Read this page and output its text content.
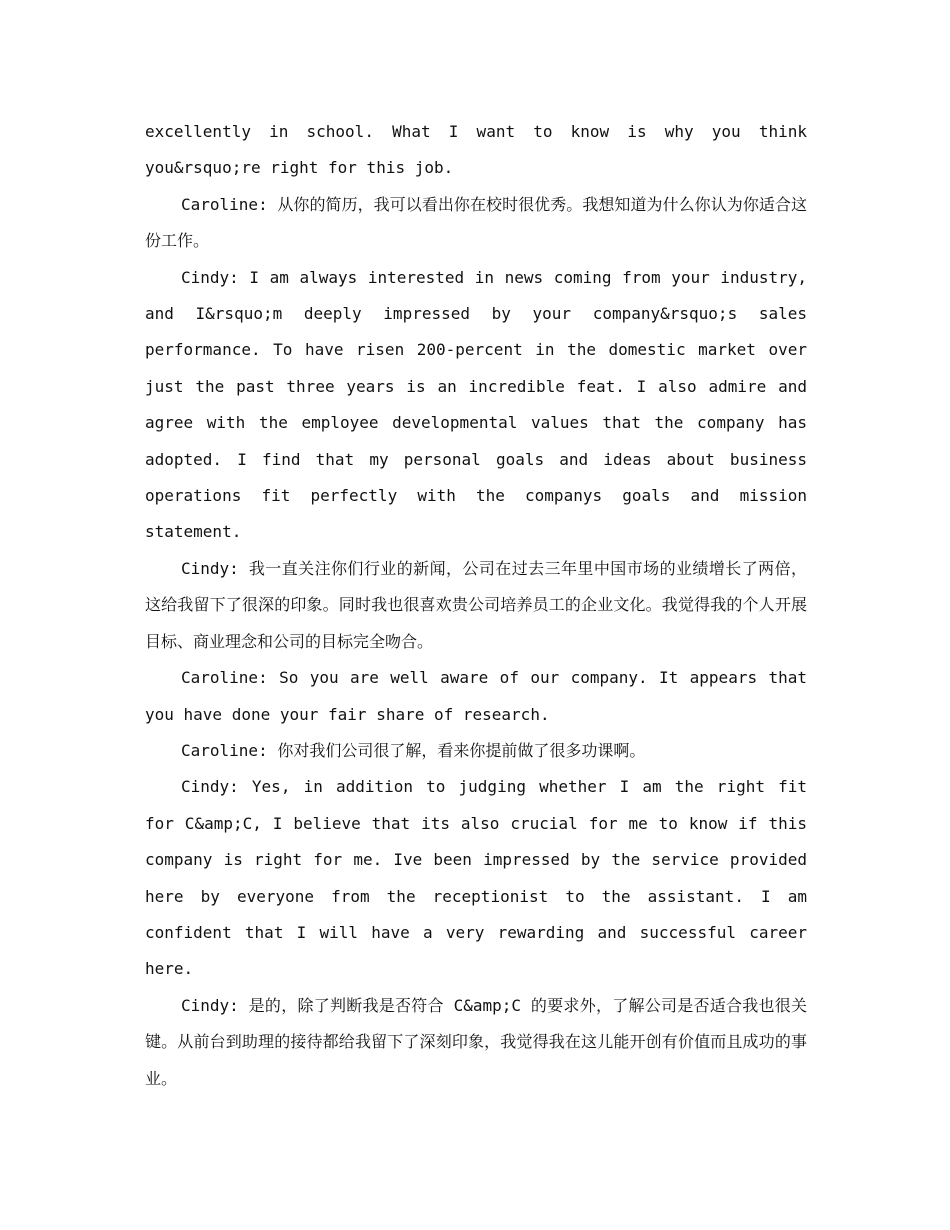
excellently in school. What I want to know is why you think you&rsquo;re right for this job.

Caroline: 从你的简历，我可以看出你在校时很优秀。我想知道为什么你认为你适合这份工作。

Cindy: I am always interested in news coming from your industry, and I&rsquo;m deeply impressed by your company&rsquo;s sales performance. To have risen 200-percent in the domestic market over just the past three years is an incredible feat. I also admire and agree with the employee developmental values that the company has adopted. I find that my personal goals and ideas about business operations fit perfectly with the companys goals and mission statement.

Cindy: 我一直关注你们行业的新闻，公司在过去三年里中国市场的业绩增长了两倍，这给我留下了很深的印象。同时我也很喜欢贵公司培养员工的企业文化。我觉得我的个人开展目标、商业理念和公司的目标完全吻合。

Caroline: So you are well aware of our company. It appears that you have done your fair share of research.

Caroline: 你对我们公司很了解，看来你提前做了很多功课啊。

Cindy: Yes, in addition to judging whether I am the right fit for C&amp;C, I believe that its also crucial for me to know if this company is right for me. Ive been impressed by the service provided here by everyone from the receptionist to the assistant. I am confident that I will have a very rewarding and successful career here.

Cindy: 是的，除了判断我是否符合 C&amp;C 的要求外，了解公司是否适合我也很关键。从前台到助理的接待都给我留下了深刻印象，我觉得我在这儿能开创有价值而且成功的事业。
